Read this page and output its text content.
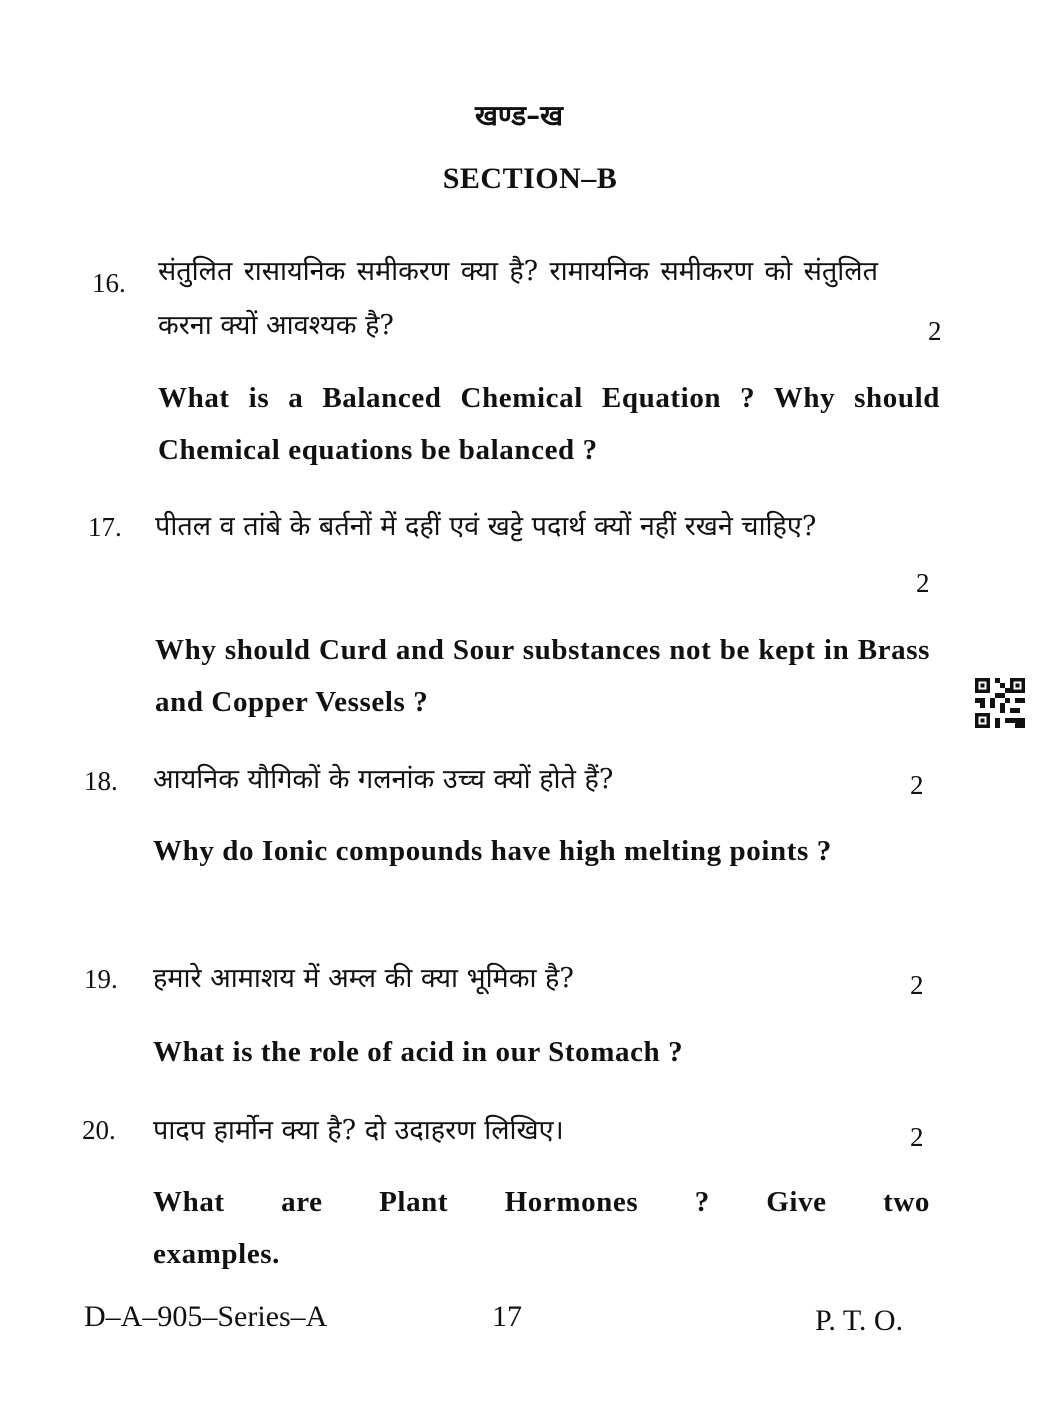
खण्ड–ख
SECTION–B
16. संतुलित रासायनिक समीकरण क्या है? रामायनिक समीकरण को संतुलित करना क्यों आवश्यक है?	2
What is a Balanced Chemical Equation ? Why should Chemical equations be balanced ?
17. पीतल व तांबे के बर्तनों में दहीं एवं खट्टे पदार्थ क्यों नहीं रखने चाहिए?
2
Why should Curd and Sour substances not be kept in Brass and Copper Vessels ?
18. आयनिक यौगिकों के गलनांक उच्च क्यों होते हैं?	2
Why do Ionic compounds have high melting points ?
19. हमारे आमाशय में अम्ल की क्या भूमिका है?	2
What is the role of acid in our Stomach ?
20. पादप हार्मोन क्या है? दो उदाहरण लिखिए।	2
What are Plant Hormones ? Give two examples.
D–A–905–Series–A	17	P. T. O.
